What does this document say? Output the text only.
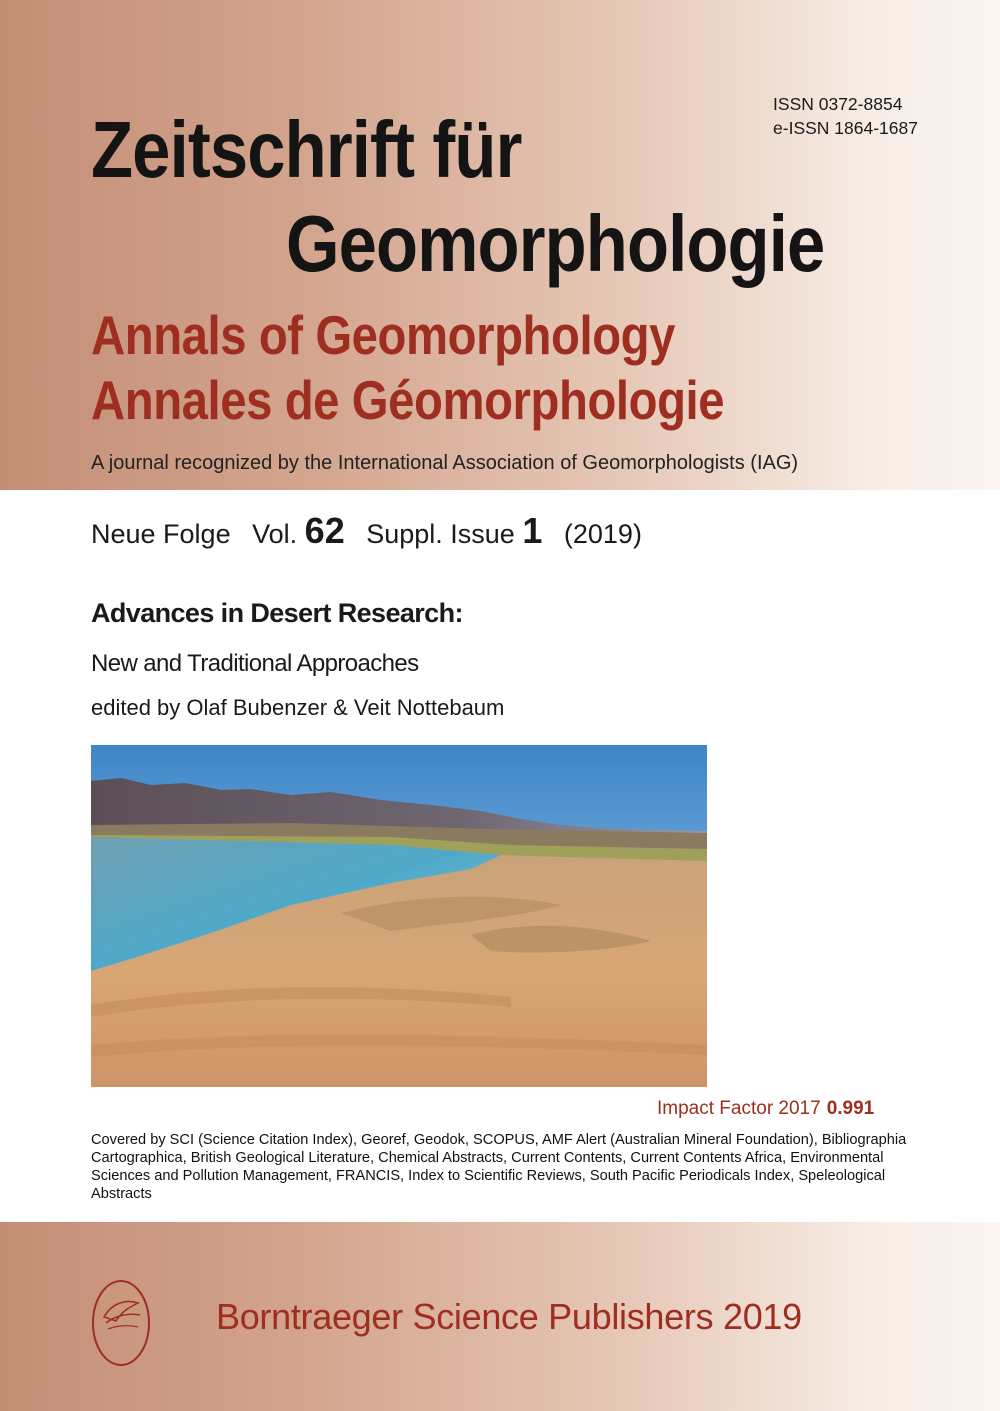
ISSN 0372-8854
e-ISSN 1864-1687
Zeitschrift für
Geomorphologie
Annals of Geomorphology
Annales de Géomorphologie
A journal recognized by the International Association of Geomorphologists (IAG)
Neue Folge Vol. 62 Suppl. Issue 1 (2019)
Advances in Desert Research:
New and Traditional Approaches
edited by Olaf Bubenzer & Veit Nottebaum
Impact Factor 2017 0.991
Covered by SCI (Science Citation Index), Georef, Geodok, SCOPUS, AMF Alert (Australian Mineral Foundation), Bibliographia Cartographica, British Geological Literature, Chemical Abstracts, Current Contents, Current Contents Africa, Environmental Sciences and Pollution Management, FRANCIS, Index to Scientific Reviews, South Pacific Periodicals Index, Speleological Abstracts
Borntraeger Science Publishers 2019
